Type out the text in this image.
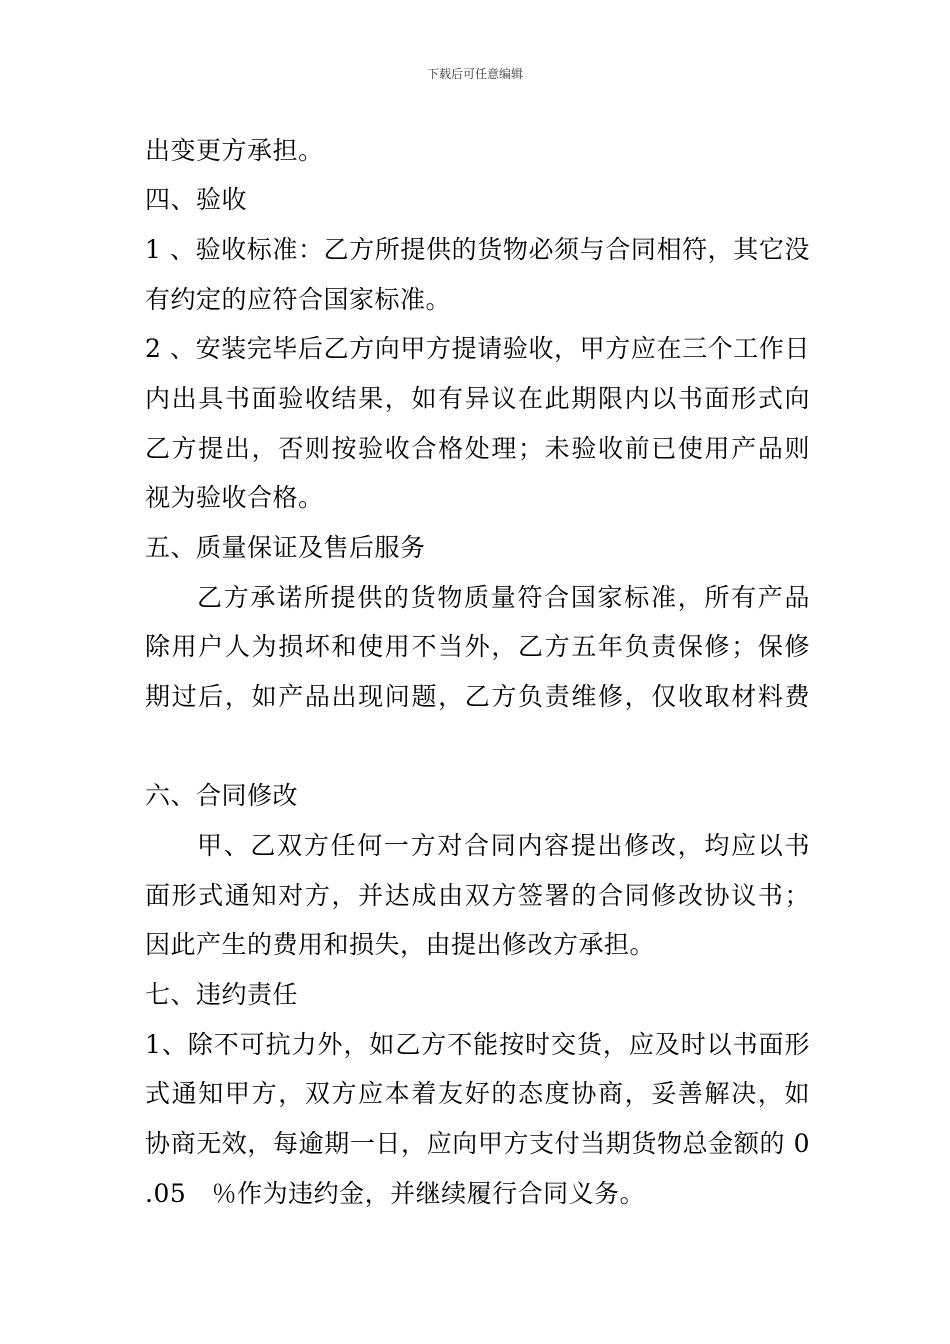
下载后可任意编辑
出变更方承担。
四、验收
1 、验收标准：乙方所提供的货物必须与合同相符，其它没
有约定的应符合国家标准。
2 、安装完毕后乙方向甲方提请验收，甲方应在三个工作日
内出具书面验收结果，如有异议在此期限内以书面形式向
乙方提出，否则按验收合格处理；未验收前已使用产品则
视为验收合格。
五、质量保证及售后服务
乙方承诺所提供的货物质量符合国家标准，所有产品
除用户人为损坏和使用不当外，乙方五年负责保修；保修
期过后，如产品出现问题，乙方负责维修，仅收取材料费
六、合同修改
甲、乙双方任何一方对合同内容提出修改，均应以书
面形式通知对方，并达成由双方签署的合同修改协议书；
因此产生的费用和损失，由提出修改方承担。
七、违约责任
1、除不可抗力外，如乙方不能按时交货，应及时以书面形
式通知甲方，双方应本着友好的态度协商，妥善解决，如
协商无效，每逾期一日，应向甲方支付当期货物总金额的 0
.05   ％作为违约金，并继续履行合同义务。
